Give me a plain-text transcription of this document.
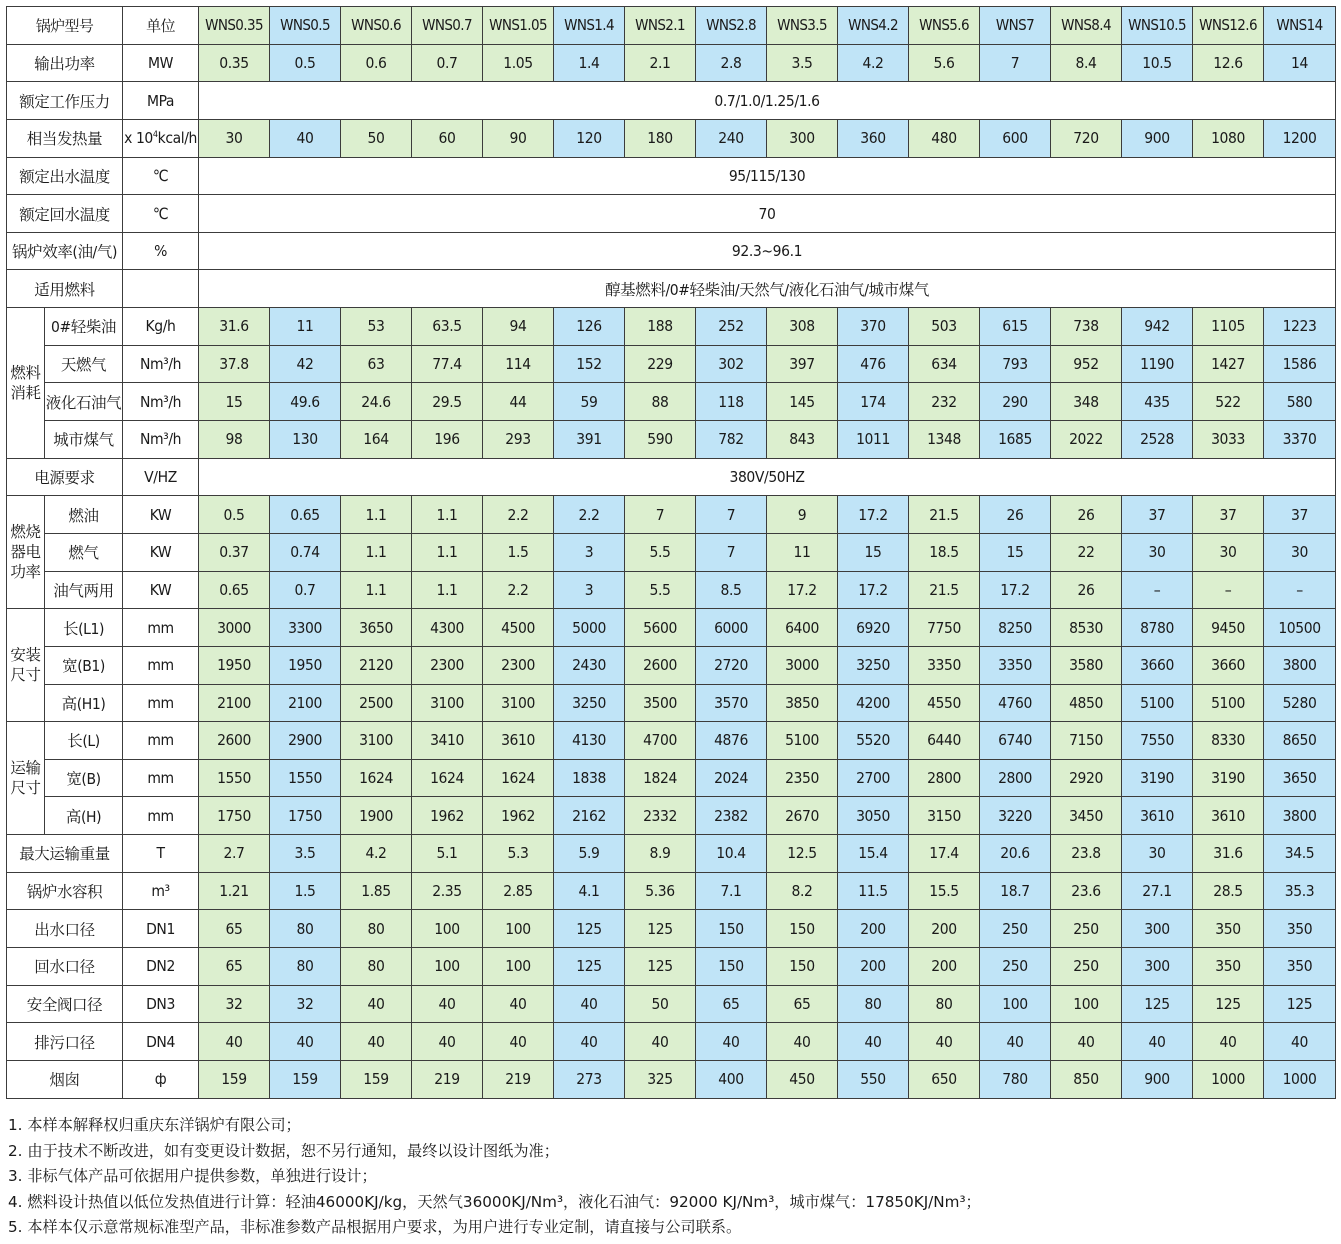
锅炉型号		单位	WNS0.35	WNS0.5	WNS0.6	WNS0.7	WNS1.05	WNS1.4	WNS2.1	WNS2.8	WNS3.5	WNS4.2	WNS5.6	WNS7	WNS8.4	WNS10.5	WNS12.6	WNS14
输出功率		MW	0.35	0.5	0.6	0.7	1.05	1.4	2.1	2.8	3.5	4.2	5.6	7	8.4	10.5	12.6	14
额定工作压力		MPa	0.7/1.0/1.25/1.6															
相当发热量		x $10^4kcal/h$	30	40	50	60	90	120	180	240	300	360	480	600	720	900	1080	1200
额定出水温度		℃	95/115/130															
额定回水温度		℃	70															
锅炉效率(油/气)		%	92.3~96.1															
适用燃料			醇基燃料/0#轻柴油/天然气/液化石油气/城市煤气															
燃料消耗	0#轻柴油	Kg/h	31.6	11	53	63.5	94	126	188	252	308	370	503	615	738	942	1105	1223
	天燃气	Nm³/h	37.8	42	63	77.4	114	152	229	302	397	476	634	793	952	1190	1427	1586
	液化石油气	Nm³/h	15	49.6	24.6	29.5	44	59	88	118	145	174	232	290	348	435	522	580
	城市煤气	Nm³/h	98	130	164	196	293	391	590	782	843	1011	1348	1685	2022	2528	3033	3370
电源要求		V/HZ	380V/50HZ															
燃烧器电功率	燃油	KW	0.5	0.65	1.1	1.1	2.2	2.2	7	7	9	17.2	21.5	26	26	37	37	37
	燃气	KW	0.37	0.74	1.1	1.1	1.5	3	5.5	7	11	15	18.5	15	22	30	30	30
	油气两用	KW	0.65	0.7	1.1	1.1	2.2	3	5.5	8.5	17.2	17.2	21.5	17.2	26	–	–	–
安装尺寸	长(L1)	mm	3000	3300	3650	4300	4500	5000	5600	6000	6400	6920	7750	8250	8530	8780	9450	10500
	宽(B1)	mm	1950	1950	2120	2300	2300	2430	2600	2720	3000	3250	3350	3350	3580	3660	3660	3800
	高(H1)	mm	2100	2100	2500	3100	3100	3250	3500	3570	3850	4200	4550	4760	4850	5100	5100	5280
运输尺寸	长(L)	mm	2600	2900	3100	3410	3610	4130	4700	4876	5100	5520	6440	6740	7150	7550	8330	8650
	宽(B)	mm	1550	1550	1624	1624	1624	1838	1824	2024	2350	2700	2800	2800	2920	3190	3190	3650
	高(H)	mm	1750	1750	1900	1962	1962	2162	2332	2382	2670	3050	3150	3220	3450	3610	3610	3800
最大运输重量		T	2.7	3.5	4.2	5.1	5.3	5.9	8.9	10.4	12.5	15.4	17.4	20.6	23.8	30	31.6	34.5
锅炉水容积		m³	1.21	1.5	1.85	2.35	2.85	4.1	5.36	7.1	8.2	11.5	15.5	18.7	23.6	27.1	28.5	35.3
出水口径		DN1	65	80	80	100	100	125	125	150	150	200	200	250	250	300	350	350
回水口径		DN2	65	80	80	100	100	125	125	150	150	200	200	250	250	300	350	350
安全阀口径		DN3	32	32	40	40	40	40	50	65	65	80	80	100	100	125	125	125
排污口径		DN4	40	40	40	40	40	40	40	40	40	40	40	40	40	40	40	40
烟囱		ф	159	159	159	219	219	273	325	400	450	550	650	780	850	900	1000	1000
1. 本样本解释权归重庆东洋锅炉有限公司；
2. 由于技术不断改进，如有变更设计数据，恕不另行通知，最终以设计图纸为准；
3. 非标气体产品可依据用户提供参数，单独进行设计；
4. 燃料设计热值以低位发热值进行计算：轻油46000KJ/kg，天然气36000KJ/Nm³，液化石油气：92000 KJ/Nm³，城市煤气：17850KJ/Nm³；
5. 本样本仅示意常规标准型产品，非标准参数产品根据用户要求，为用户进行专业定制，请直接与公司联系。
